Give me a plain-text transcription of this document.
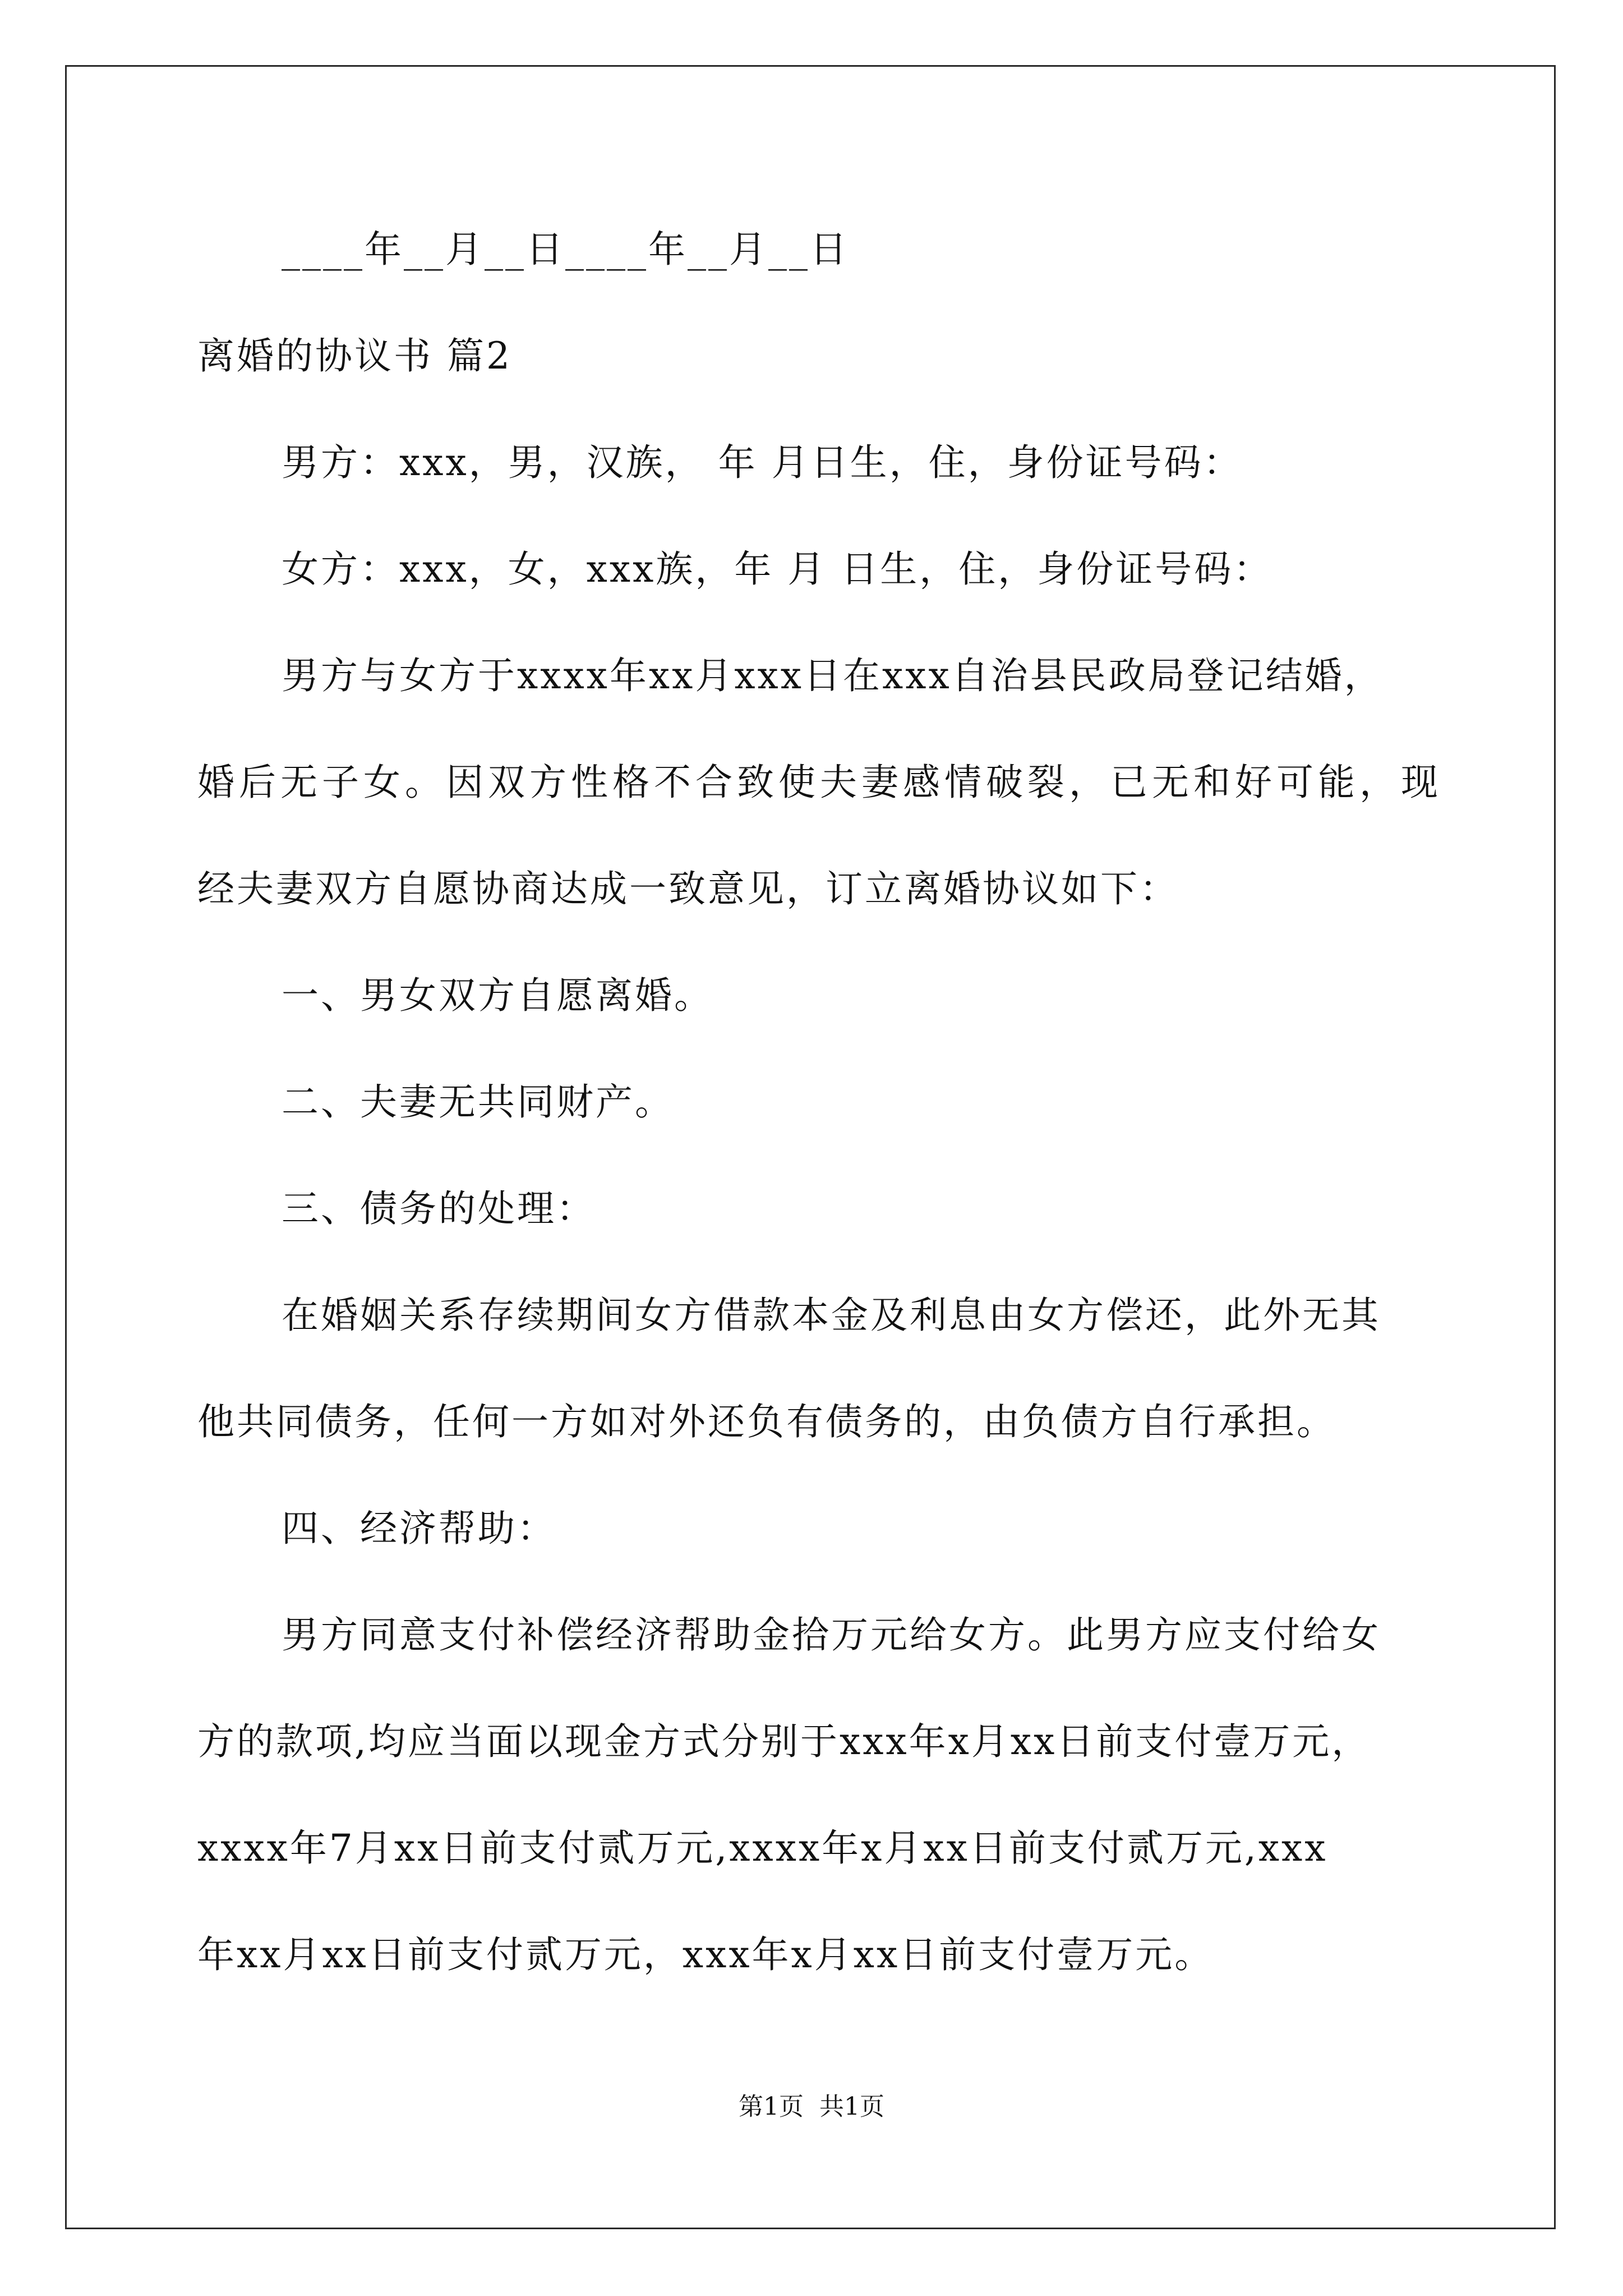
____年__月__日____年__月__日
离婚的协议书 篇2
男方：xxx，男，汉族， 年 月日生，住，身份证号码：
女方：xxx，女，xxx族，年 月 日生，住，身份证号码：
男方与女方于xxxx年xx月xxx日在xxx自治县民政局登记结婚，
婚后无子女。因双方性格不合致使夫妻感情破裂，已无和好可能，现
经夫妻双方自愿协商达成一致意见，订立离婚协议如下：
一、男女双方自愿离婚。
二、夫妻无共同财产。
三、债务的处理：
在婚姻关系存续期间女方借款本金及利息由女方偿还，此外无其
他共同债务，任何一方如对外还负有债务的，由负债方自行承担。
四、经济帮助：
男方同意支付补偿经济帮助金拾万元给女方。此男方应支付给女
方的款项,均应当面以现金方式分别于xxx年x月xx日前支付壹万元，
xxxx年7月xx日前支付贰万元,xxxx年x月xx日前支付贰万元,xxx
年xx月xx日前支付贰万元，xxx年x月xx日前支付壹万元。
第1页  共1页
